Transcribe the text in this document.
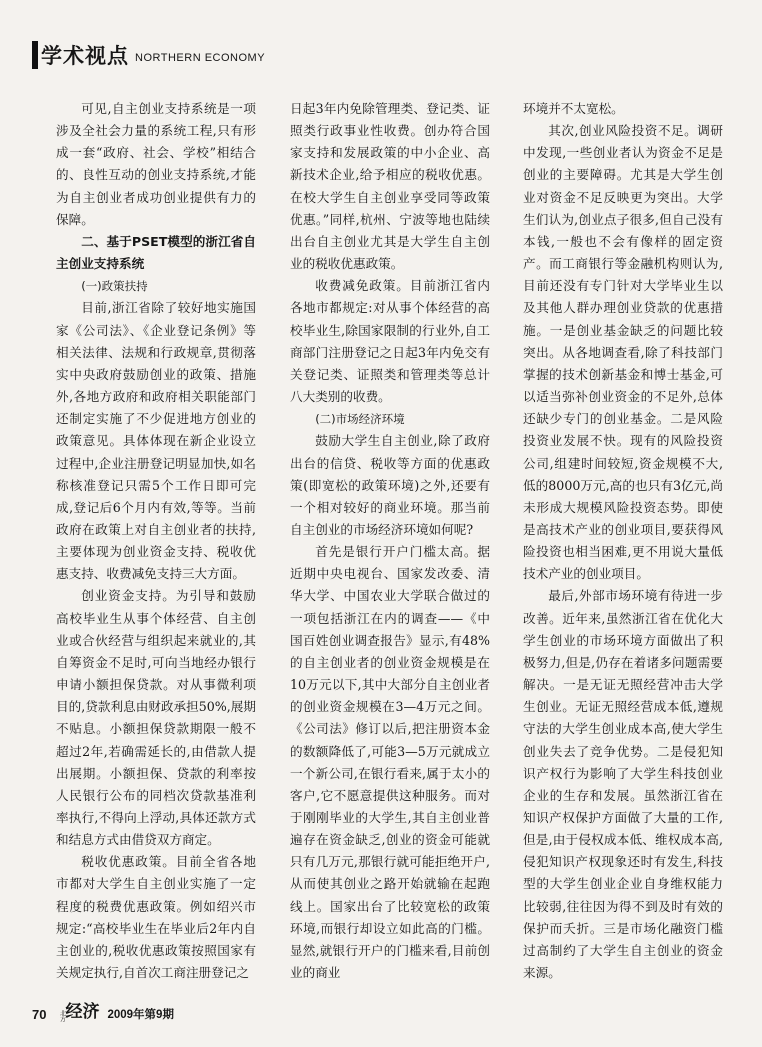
学术视点 NORTHERN ECONOMY

可见,自主创业支持系统是一项涉及全社会力量的系统工程,只有形成一套“政府、社会、学校”相结合的、良性互动的创业支持系统,才能为自主创业者成功创业提供有力的保障。

二、基于PSET模型的浙江省自主创业支持系统

(一)政策扶持

目前,浙江省除了较好地实施国家《公司法》、《企业登记条例》等相关法律、法规和行政规章,贯彻落实中央政府鼓励创业的政策、措施外,各地方政府和政府相关职能部门还制定实施了不少促进地方创业的政策意见。具体体现在新企业设立过程中,企业注册登记明显加快,如名称核准登记只需5个工作日即可完成,登记后6个月内有效,等等。当前政府在政策上对自主创业者的扶持,主要体现为创业资金支持、税收优惠支持、收费减免支持三大方面。

创业资金支持。为引导和鼓励高校毕业生从事个体经营、自主创业或合伙经营与组织起来就业的,其自筹资金不足时,可向当地经办银行申请小额担保贷款。对从事微利项目的,贷款利息由财政承担50%,展期不贴息。小额担保贷款期限一般不超过2年,若确需延长的,由借款人提出展期。小额担保、贷款的利率按人民银行公布的同档次贷款基准利率执行,不得向上浮动,具体还款方式和结息方式由借贷双方商定。

税收优惠政策。目前全省各地市都对大学生自主创业实施了一定程度的税费优惠政策。例如绍兴市规定:“高校毕业生在毕业后2年内自主创业的,税收优惠政策按照国家有关规定执行,自首次工商注册登记之

日起3年内免除管理类、登记类、证照类行政事业性收费。创办符合国家支持和发展政策的中小企业、高新技术企业,给予相应的税收优惠。在校大学生自主创业享受同等政策优惠。”同样,杭州、宁波等地也陆续出台自主创业尤其是大学生自主创业的税收优惠政策。

收费减免政策。目前浙江省内各地市都规定:对从事个体经营的高校毕业生,除国家限制的行业外,自工商部门注册登记之日起3年内免交有关登记类、证照类和管理类等总计八大类别的收费。

(二)市场经济环境

鼓励大学生自主创业,除了政府出台的信贷、税收等方面的优惠政策(即宽松的政策环境)之外,还要有一个相对较好的商业环境。那当前自主创业的市场经济环境如何呢?

首先是银行开户门槛太高。据近期中央电视台、国家发改委、清华大学、中国农业大学联合做过的一项包括浙江在内的调查——《中国百姓创业调查报告》显示,有48%的自主创业者的创业资金规模是在10万元以下,其中大部分自主创业者的创业资金规模在3—4万元之间。《公司法》修订以后,把注册资本金的数额降低了,可能3—5万元就成立一个新公司,在银行看来,属于太小的客户,它不愿意提供这种服务。而对于刚刚毕业的大学生,其自主创业普遍存在资金缺乏,创业的资金可能就只有几万元,那银行就可能拒绝开户,从而使其创业之路开始就输在起跑线上。国家出台了比较宽松的政策环境,而银行却设立如此高的门槛。显然,就银行开户的门槛来看,目前创业的商业

环境并不太宽松。

其次,创业风险投资不足。调研中发现,一些创业者认为资金不足是创业的主要障碍。尤其是大学生创业对资金不足反映更为突出。大学生们认为,创业点子很多,但自己没有本钱,一般也不会有像样的固定资产。而工商银行等金融机构则认为,目前还没有专门针对大学毕业生以及其他人群办理创业贷款的优惠措施。一是创业基金缺乏的问题比较突出。从各地调查看,除了科技部门掌握的技术创新基金和博士基金,可以适当弥补创业资金的不足外,总体还缺少专门的创业基金。二是风险投资业发展不快。现有的风险投资公司,组建时间较短,资金规模不大,低的8000万元,高的也只有3亿元,尚未形成大规模风险投资态势。即使是高技术产业的创业项目,要获得风险投资也相当困难,更不用说大量低技术产业的创业项目。

最后,外部市场环境有待进一步改善。近年来,虽然浙江省在优化大学生创业的市场环境方面做出了积极努力,但是,仍存在着诸多问题需要解决。一是无证无照经营冲击大学生创业。无证无照经营成本低,遵规守法的大学生创业成本高,使大学生创业失去了竞争优势。二是侵犯知识产权行为影响了大学生科技创业企业的生存和发展。虽然浙江省在知识产权保护方面做了大量的工作,但是,由于侵权成本低、维权成本高,侵犯知识产权现象还时有发生,科技型的大学生创业企业自身维权能力比较弱,往往因为得不到及时有效的保护而夭折。三是市场化融资门槛过高制约了大学生自主创业的资金来源。

70 北方 经济 2009年第9期
